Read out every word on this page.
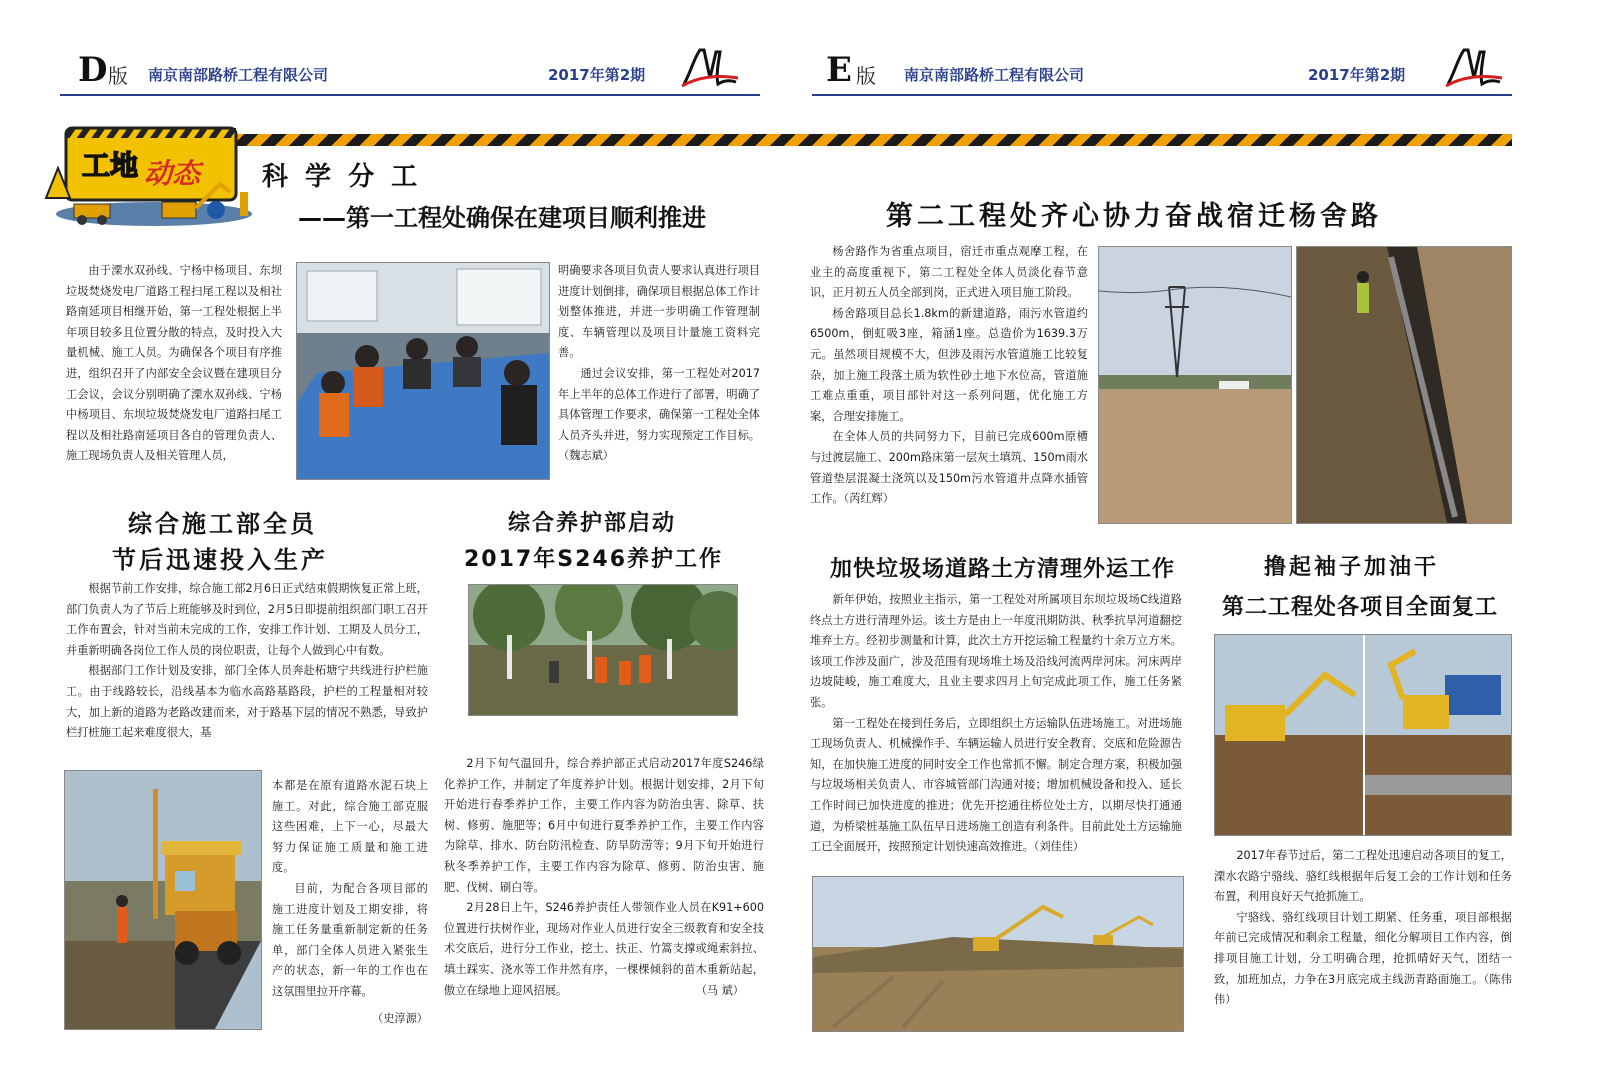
D 版 南京南部路桥工程有限公司	2017年第2期	E 版 南京南部路桥工程有限公司	2017年第2期
工地 动态 科 学 分 工
——第一工程处确保在建项目顺利推进

由于溧水双孙线、宁杨中杨项目、东坝垃圾焚烧发电厂道路工程扫尾工程以及相社路南延项目相继开始，第一工程处根据上半年项目较多且位置分散的特点，及时投入大量机械、施工人员。为确保各个项目有序推进，组织召开了内部安全会议暨在建项目分工会议，会议分别明确了溧水双孙线、宁杨中杨项目、东坝垃圾焚烧发电厂道路扫尾工程以及相社路南延项目各自的管理负责人、施工现场负责人及相关管理人员，

明确要求各项目负责人要求认真进行项目进度计划倒排，确保项目根据总体工作计划整体推进，并进一步明确工作管理制度、车辆管理以及项目计量施工资料完善。

通过会议安排，第一工程处对2017年上半年的总体工作进行了部署，明确了具体管理工作要求，确保第一工程处全体人员齐头并进，努力实现预定工作目标。（魏志斌）

综合施工部全员
节后迅速投入生产

根据节前工作安排，综合施工部2月6日正式结束假期恢复正常上班，部门负责人为了节后上班能够及时到位，2月5日即提前组织部门职工召开工作布置会，针对当前未完成的工作，安排工作计划、工期及人员分工，并重新明确各岗位工作人员的岗位职责，让每个人做到心中有数。

根据部门工作计划及安排，部门全体人员奔赴柘塘宁共线进行护栏施工。由于线路较长，沿线基本为临水高路基路段，护栏的工程量相对较大，加上新的道路为老路改建而来，对于路基下层的情况不熟悉，导致护栏打桩施工起来难度很大，基

本都是在原有道路水泥石块上施工。对此，综合施工部克服这些困难，上下一心，尽最大努力保证施工质量和施工进度。

目前，为配合各项目部的施工进度计划及工期安排，将施工任务量重新制定新的任务单，部门全体人员进入紧张生产的状态，新一年的工作也在这氛围里拉开序幕。

（史淳源）
综合养护部启动
2017年S246养护工作

2月下旬气温回升，综合养护部正式启动2017年度S246绿化养护工作，并制定了年度养护计划。根据计划安排，2月下旬开始进行春季养护工作，主要工作内容为防治虫害、除草、扶树、修剪、施肥等；6月中旬进行夏季养护工作，主要工作内容为除草、排水、防台防汛检查、防旱防涝等；9月下旬开始进行秋冬季养护工作，主要工作内容为除草、修剪、防治虫害、施肥、伐树、刷白等。

2月28日上午，S246养护责任人带领作业人员在K91+600位置进行扶树作业，现场对作业人员进行安全三级教育和安全技术交底后，进行分工作业，挖土、扶正、竹篙支撑或绳索斜拉、填土踩实、浇水等工作井然有序，一棵棵倾斜的苗木重新站起，傲立在绿地上迎风招展。	（马 斌）
第二工程处齐心协力奋战宿迁杨舍路

杨舍路作为省重点项目，宿迁市重点观摩工程，在业主的高度重视下，第二工程处全体人员淡化春节意识，正月初五人员全部到岗，正式进入项目施工阶段。

杨舍路项目总长1.8km的新建道路，雨污水管道约6500m，倒虹吸3座，箱涵1座。总造价为1639.3万元。虽然项目规模不大，但涉及雨污水管道施工比较复杂，加上施工段落土质为软性砂土地下水位高，管道施工难点重重，项目部针对这一系列问题，优化施工方案，合理安排施工。

在全体人员的共同努力下，目前已完成600m原槽与过渡层施工、200m路床第一层灰土填筑、150m雨水管道垫层混凝土浇筑以及150m污水管道井点降水插管工作。（芮红辉）

加快垃圾场道路土方清理外运工作

新年伊始，按照业主指示，第一工程处对所属项目东坝垃圾场C线道路终点土方进行清理外运。该土方是由上一年度汛期防洪、秋季抗旱河道翻挖堆弃土方。经初步测量和计算，此次土方开挖运输工程量约十余万立方米。该项工作涉及面广，涉及范围有现场堆土场及沿线河流两岸河床。河床两岸边坡陡峻，施工难度大，且业主要求四月上旬完成此项工作，施工任务紧张。

第一工程处在接到任务后，立即组织土方运输队伍进场施工。对进场施工现场负责人、机械操作手、车辆运输人员进行安全教育、交底和危险源告知，在加快施工进度的同时安全工作也常抓不懈。制定合理方案，积极加强与垃圾场相关负责人、市容城管部门沟通对接；增加机械设备和投入、延长工作时间已加快进度的推进；优先开挖通往桥位处土方，以期尽快打通通道，为桥梁桩基施工队伍早日进场施工创造有利条件。目前此处土方运输施工已全面展开，按照预定计划快速高效推进。（刘佳佳）

撸起袖子加油干
第二工程处各项目全面复工

2017年春节过后，第二工程处迅速启动各项目的复工，溧水农路宁骆线、骆红线根据年后复工会的工作计划和任务布置，利用良好天气抢抓施工。

宁骆线、骆红线项目计划工期紧、任务重，项目部根据年前已完成情况和剩余工程量，细化分解项目工作内容，倒排项目施工计划，分工明确合理，抢抓晴好天气，团结一致，加班加点，力争在3月底完成主线沥青路面施工。（陈伟伟）
